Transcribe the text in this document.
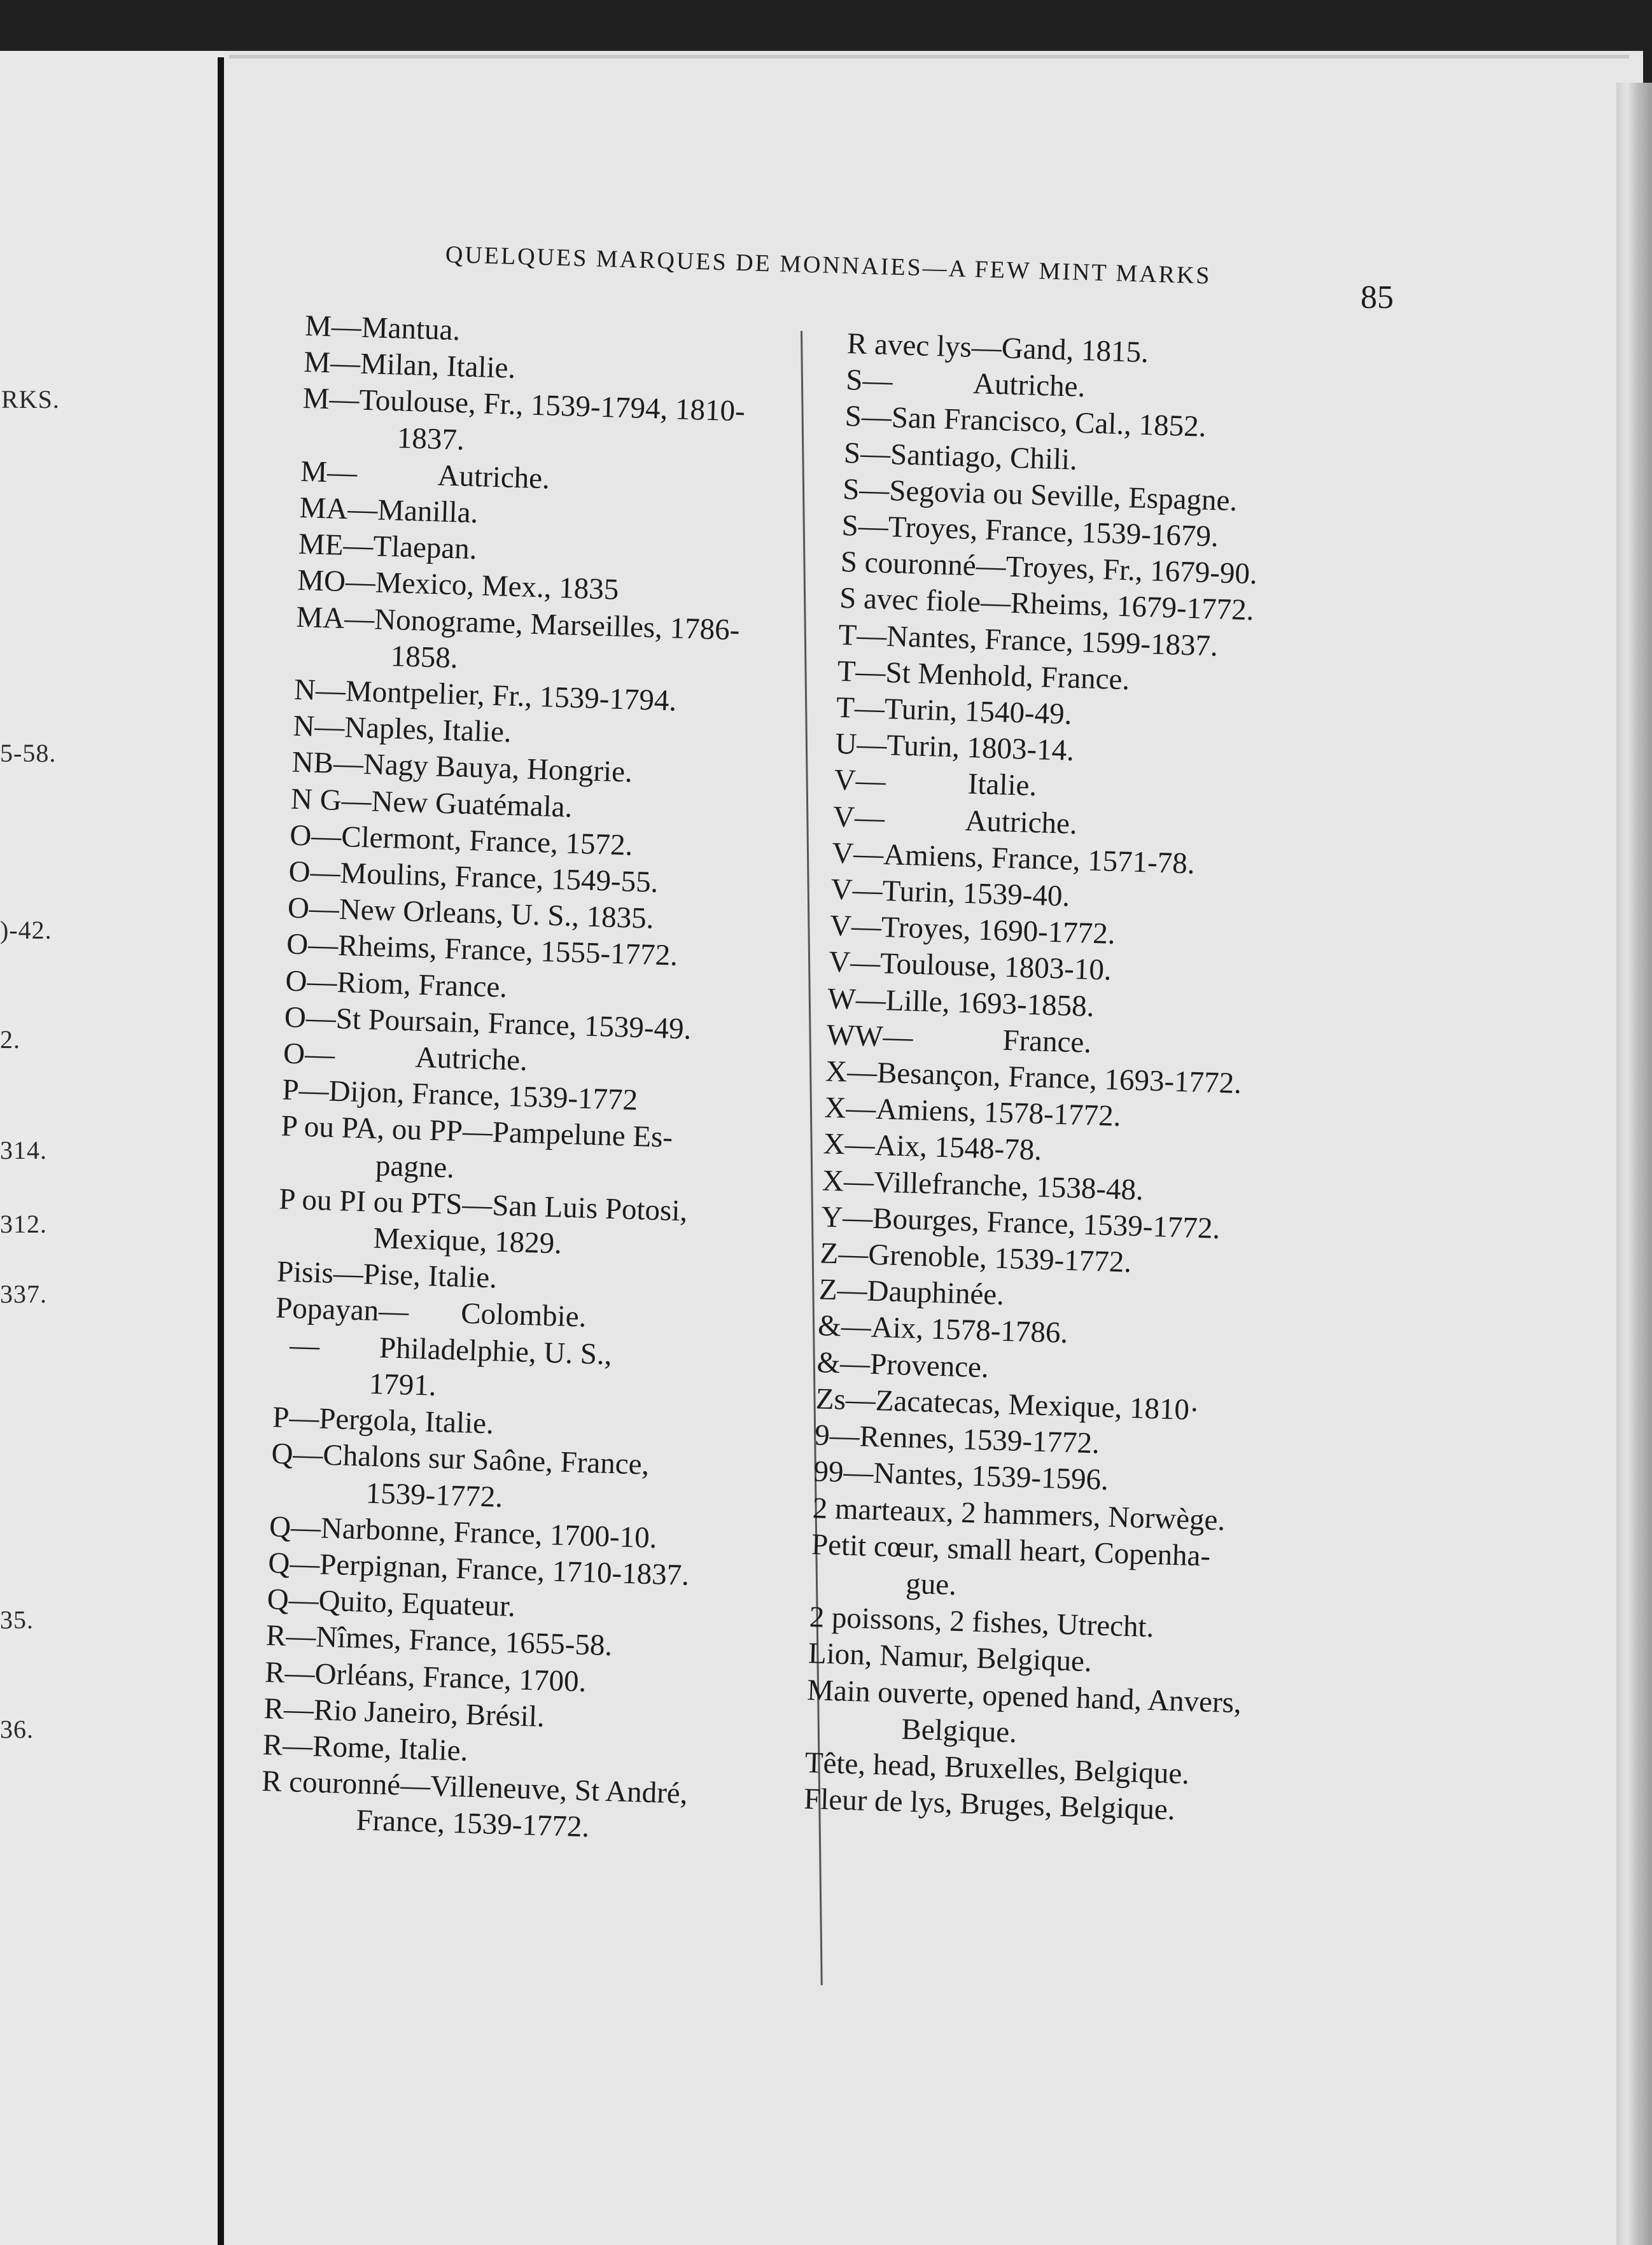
RKS.
5-58.
)-42.
2.
314.
312.
337.
35.
36.
QUELQUES MARQUES DE MONNAIES—A FEW MINT MARKS
85
M—Mantua.
M—Milan, Italie.
M—Toulouse, Fr., 1539-1794, 1810-
1837.
M—           Autriche.
MA—Manilla.
ME—Tlaepan.
MO—Mexico, Mex., 1835
MA—Nonograme, Marseilles, 1786-
1858.
N—Montpelier, Fr., 1539-1794.
N—Naples, Italie.
NB—Nagy Bauya, Hongrie.
N G—New Guatémala.
O—Clermont, France, 1572.
O—Moulins, France, 1549-55.
O—New Orleans, U. S., 1835.
O—Rheims, France, 1555-1772.
O—Riom, France.
O—St Poursain, France, 1539-49.
O—           Autriche.
P—Dijon, France, 1539-1772
P ou PA, ou PP—Pampelune Es-
pagne.
P ou PI ou PTS—San Luis Potosi,
Mexique, 1829.
Pisis—Pise, Italie.
Popayan—       Colombie.
—        Philadelphie, U. S.,
1791.
P—Pergola, Italie.
Q—Chalons sur Saône, France,
1539-1772.
Q—Narbonne, France, 1700-10.
Q—Perpignan, France, 1710-1837.
Q—Quito, Equateur.
R—Nîmes, France, 1655-58.
R—Orléans, France, 1700.
R—Rio Janeiro, Brésil.
R—Rome, Italie.
R couronné—Villeneuve, St André,
France, 1539-1772.
R avec lys—Gand, 1815.
S—           Autriche.
S—San Francisco, Cal., 1852.
S—Santiago, Chili.
S—Segovia ou Seville, Espagne.
S—Troyes, France, 1539-1679.
S couronné—Troyes, Fr., 1679-90.
S avec fiole—Rheims, 1679-1772.
T—Nantes, France, 1599-1837.
T—St Menhold, France.
T—Turin, 1540-49.
U—Turin, 1803-14.
V—           Italie.
V—           Autriche.
V—Amiens, France, 1571-78.
V—Turin, 1539-40.
V—Troyes, 1690-1772.
V—Toulouse, 1803-10.
W—Lille, 1693-1858.
WW—            France.
X—Besançon, France, 1693-1772.
X—Amiens, 1578-1772.
X—Aix, 1548-78.
X—Villefranche, 1538-48.
Y—Bourges, France, 1539-1772.
Z—Grenoble, 1539-1772.
Z—Dauphinée.
&—Aix, 1578-1786.
&—Provence.
Zs—Zacatecas, Mexique, 1810·
9—Rennes, 1539-1772.
99—Nantes, 1539-1596.
2 marteaux, 2 hammers, Norwège.
Petit cœur, small heart, Copenha-
gue.
2 poissons, 2 fishes, Utrecht.
Lion, Namur, Belgique.
Main ouverte, opened hand, Anvers,
Belgique.
Tête, head, Bruxelles, Belgique.
Fleur de lys, Bruges, Belgique.
